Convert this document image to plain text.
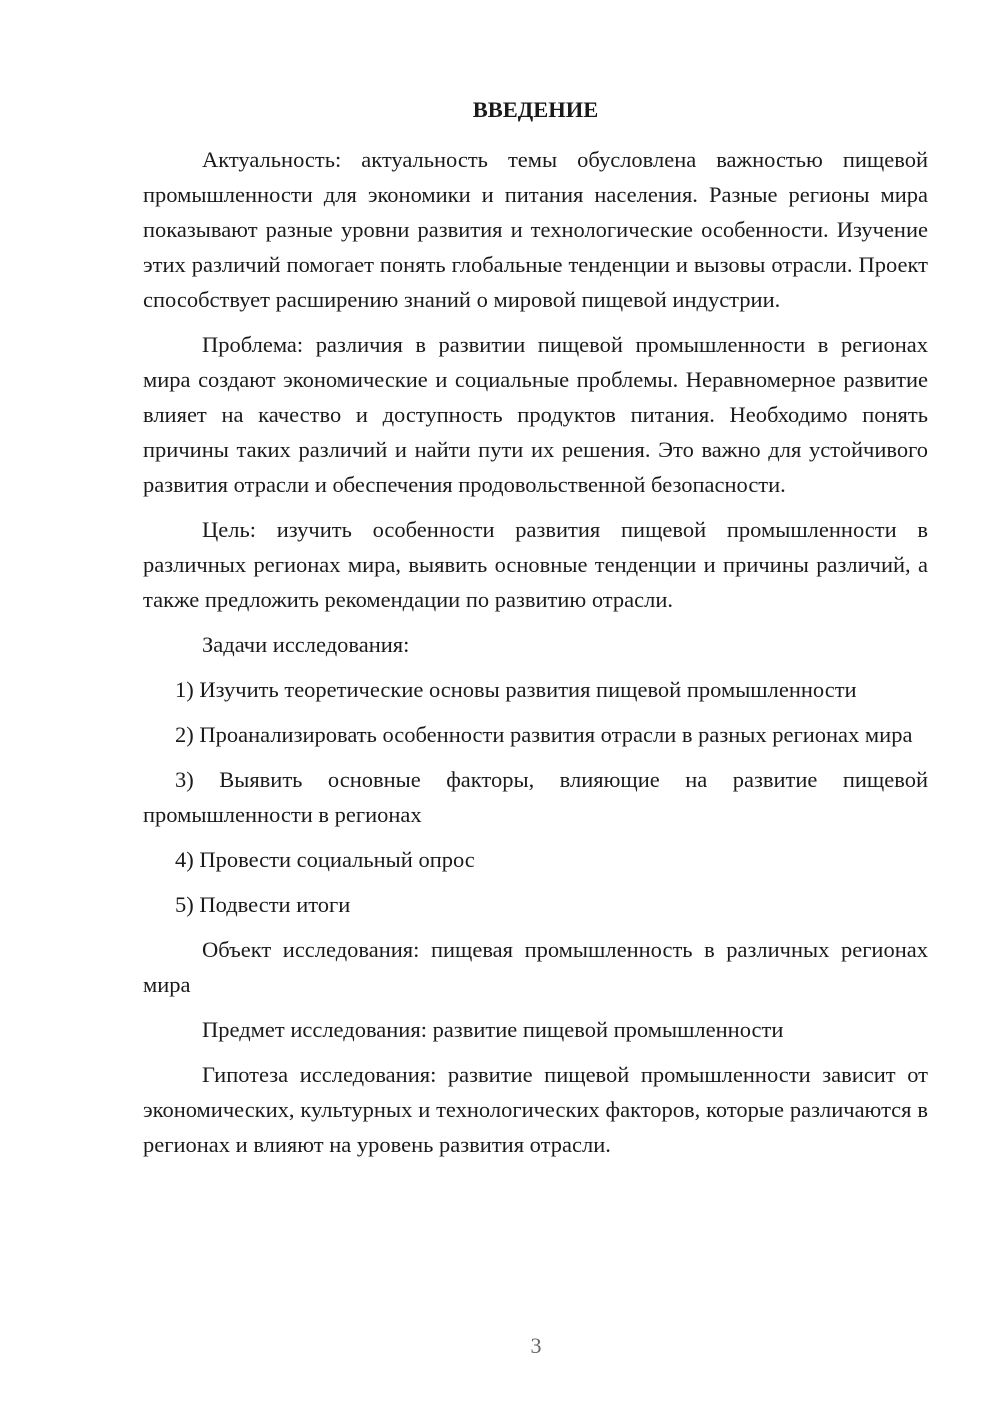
ВВЕДЕНИЕ

Актуальность: актуальность темы обусловлена важностью пищевой промышленности для экономики и питания населения. Разные регионы мира показывают разные уровни развития и технологические особенности. Изучение этих различий помогает понять глобальные тенденции и вызовы отрасли. Проект способствует расширению знаний о мировой пищевой индустрии.

Проблема: различия в развитии пищевой промышленности в регионах мира создают экономические и социальные проблемы. Неравномерное развитие влияет на качество и доступность продуктов питания. Необходимо понять причины таких различий и найти пути их решения. Это важно для устойчивого развития отрасли и обеспечения продовольственной безопасности.

Цель: изучить особенности развития пищевой промышленности в различных регионах мира, выявить основные тенденции и причины различий, а также предложить рекомендации по развитию отрасли.

Задачи исследования:

1) Изучить теоретические основы развития пищевой промышленности

2) Проанализировать особенности развития отрасли в разных регионах мира

3) Выявить основные факторы, влияющие на развитие пищевой промышленности в регионах

4) Провести социальный опрос

5) Подвести итоги

Объект исследования: пищевая промышленность в различных регионах мира

Предмет исследования: развитие пищевой промышленности

Гипотеза исследования: развитие пищевой промышленности зависит от экономических, культурных и технологических факторов, которые различаются в регионах и влияют на уровень развития отрасли.

3
